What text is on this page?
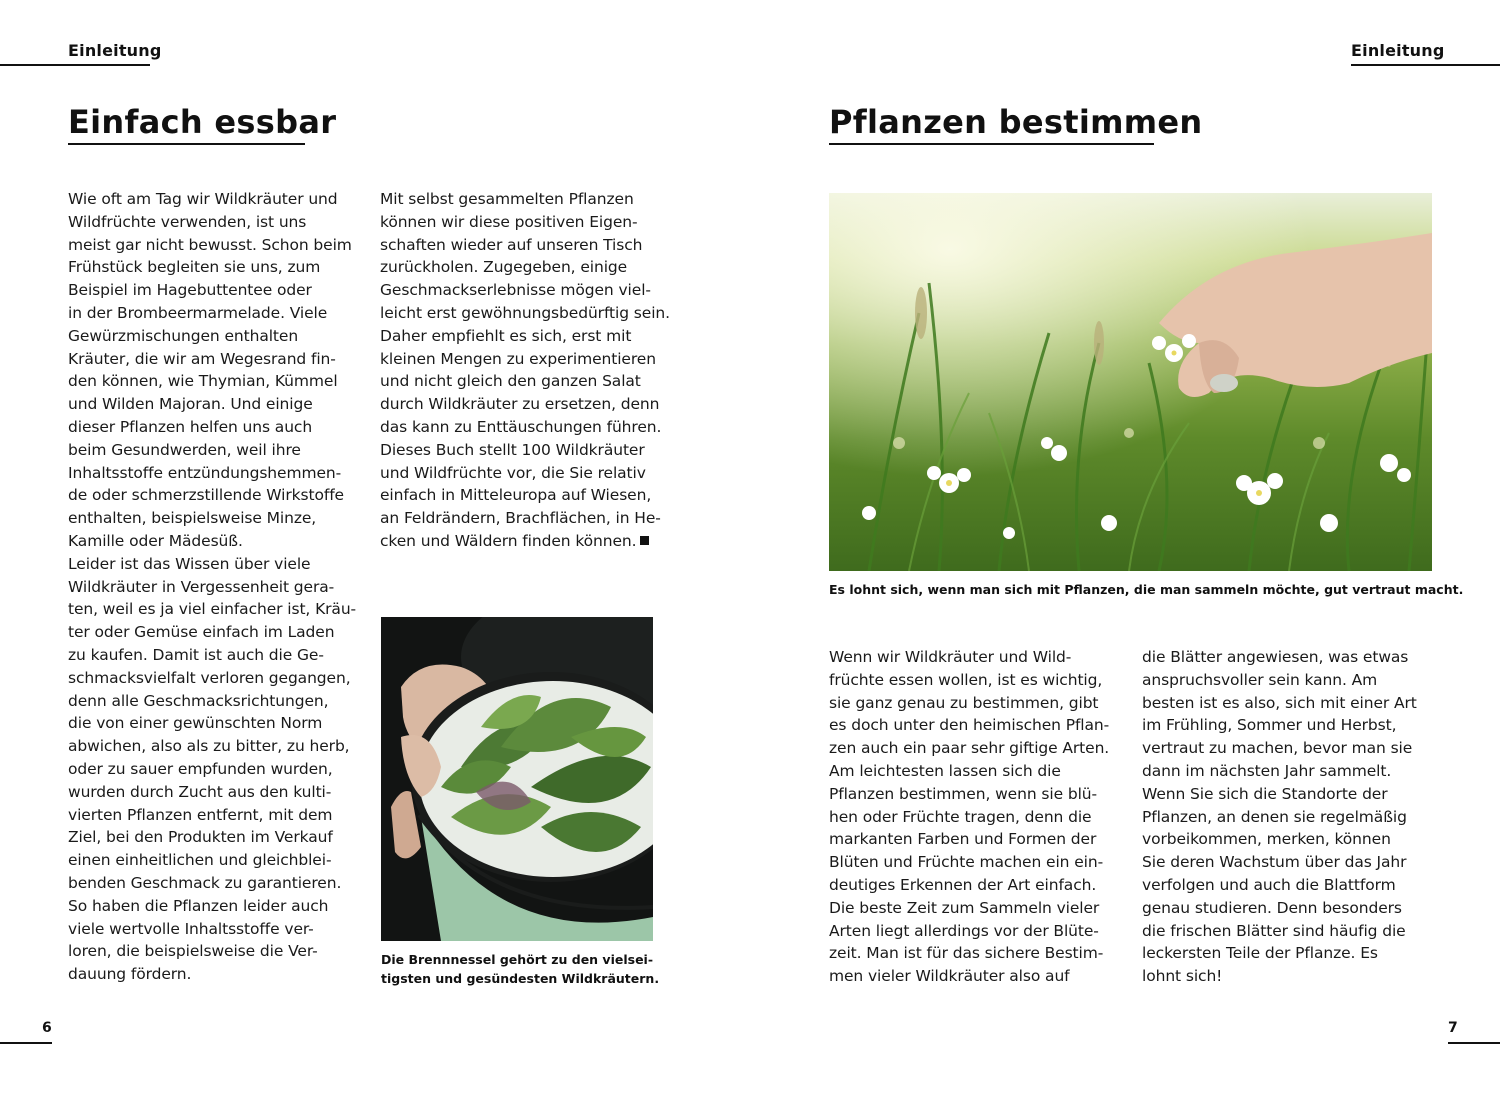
Einleitung	Einleitung
Einfach essbar
Wie oft am Tag wir Wildkräuter und
Wildfrüchte verwenden, ist uns
meist gar nicht bewusst. Schon beim
Frühstück begleiten sie uns, zum
Beispiel im Hagebuttentee oder
in der Brombeermarmelade. Viele
Gewürzmischungen enthalten
Kräuter, die wir am Wegesrand fin-
den können, wie Thymian, Kümmel
und Wilden Majoran. Und einige
dieser Pflanzen helfen uns auch
beim Gesundwerden, weil ihre
Inhaltsstoffe entzündungshemmen-
de oder schmerzstillende Wirkstoffe
enthalten, beispielsweise Minze,
Kamille oder Mädesüß.
Leider ist das Wissen über viele
Wildkräuter in Vergessenheit gera-
ten, weil es ja viel einfacher ist, Kräu-
ter oder Gemüse einfach im Laden
zu kaufen. Damit ist auch die Ge-
schmacksvielfalt verloren gegangen,
denn alle Geschmacksrichtungen,
die von einer gewünschten Norm
abwichen, also als zu bitter, zu herb,
oder zu sauer empfunden wurden,
wurden durch Zucht aus den kulti-
vierten Pflanzen entfernt, mit dem
Ziel, bei den Produkten im Verkauf
einen einheitlichen und gleichblei-
benden Geschmack zu garantieren.
So haben die Pflanzen leider auch
viele wertvolle Inhaltsstoffe ver-
loren, die beispielsweise die Ver-
dauung fördern.
Mit selbst gesammelten Pflanzen
können wir diese positiven Eigen-
schaften wieder auf unseren Tisch
zurückholen. Zugegeben, einige
Geschmackserlebnisse mögen viel-
leicht erst gewöhnungsbedürftig sein.
Daher empfiehlt es sich, erst mit
kleinen Mengen zu experimentieren
und nicht gleich den ganzen Salat
durch Wildkräuter zu ersetzen, denn
das kann zu Enttäuschungen führen.
Dieses Buch stellt 100 Wildkräuter
und Wildfrüchte vor, die Sie relativ
einfach in Mitteleuropa auf Wiesen,
an Feldrändern, Brachflächen, in He-
cken und Wäldern finden können.
Die Brennnessel gehört zu den vielsei-
tigsten und gesündesten Wildkräutern.
6
Pflanzen bestimmen
Es lohnt sich, wenn man sich mit Pflanzen, die man sammeln möchte, gut vertraut macht.
Wenn wir Wildkräuter und Wild-
früchte essen wollen, ist es wichtig,
sie ganz genau zu bestimmen, gibt
es doch unter den heimischen Pflan-
zen auch ein paar sehr giftige Arten.
Am leichtesten lassen sich die
Pflanzen bestimmen, wenn sie blü-
hen oder Früchte tragen, denn die
markanten Farben und Formen der
Blüten und Früchte machen ein ein-
deutiges Erkennen der Art einfach.
Die beste Zeit zum Sammeln vieler
Arten liegt allerdings vor der Blüte-
zeit. Man ist für das sichere Bestim-
men vieler Wildkräuter also auf
die Blätter angewiesen, was etwas
anspruchsvoller sein kann. Am
besten ist es also, sich mit einer Art
im Frühling, Sommer und Herbst,
vertraut zu machen, bevor man sie
dann im nächsten Jahr sammelt.
Wenn Sie sich die Standorte der
Pflanzen, an denen sie regelmäßig
vorbeikommen, merken, können
Sie deren Wachstum über das Jahr
verfolgen und auch die Blattform
genau studieren. Denn besonders
die frischen Blätter sind häufig die
leckersten Teile der Pflanze. Es
lohnt sich!
7
